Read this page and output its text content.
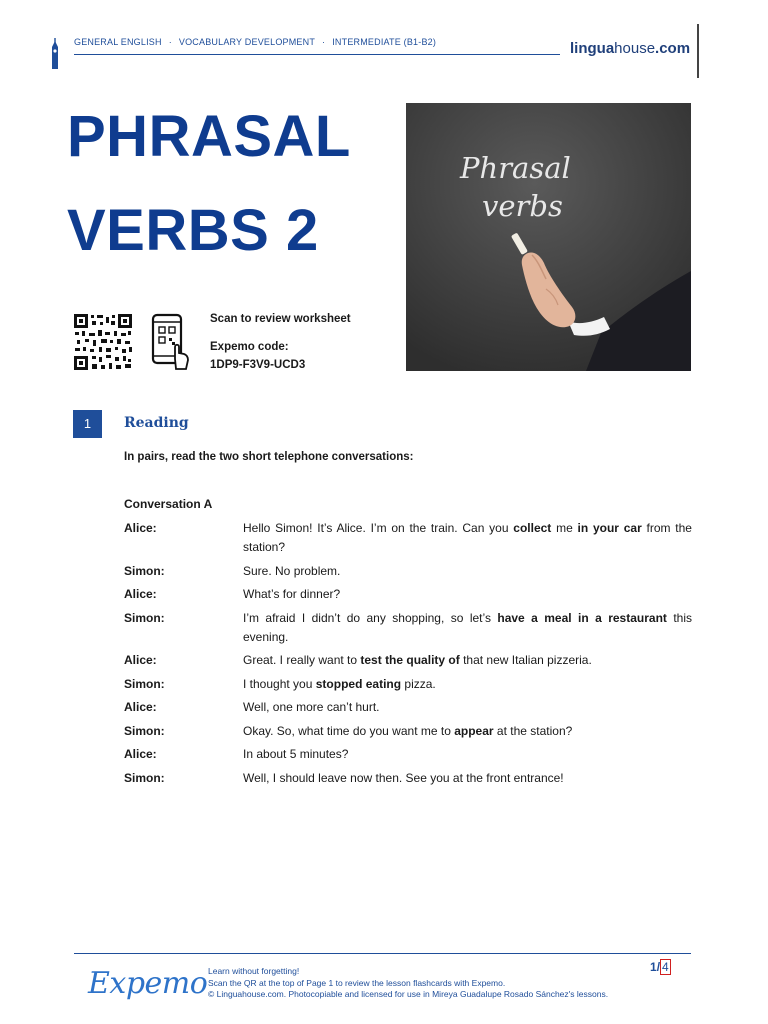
GENERAL ENGLISH · VOCABULARY DEVELOPMENT · INTERMEDIATE (B1-B2)	linguahouse.com
PHRASAL
VERBS 2
Phrasal
verbs
Scan to review worksheet
Expemo code:
1DP9-F3V9-UCD3
1	Reading
In pairs, read the two short telephone conversations:
Conversation A
Alice:	Hello Simon! It’s Alice. I’m on the train. Can you collect me in your car from the station?
Simon:	Sure. No problem.
Alice:	What’s for dinner?
Simon:	I’m afraid I didn’t do any shopping, so let’s have a meal in a restaurant this evening.
Alice:	Great. I really want to test the quality of that new Italian pizzeria.
Simon:	I thought you stopped eating pizza.
Alice:	Well, one more can’t hurt.
Simon:	Okay. So, what time do you want me to appear at the station?
Alice:	In about 5 minutes?
Simon:	Well, I should leave now then. See you at the front entrance!
Expemo Learn without forgetting!
Scan the QR at the top of Page 1 to review the lesson flashcards with Expemo.
© Linguahouse.com. Photocopiable and licensed for use in Mireya Guadalupe Rosado Sánchez's lessons.
1/ 4
